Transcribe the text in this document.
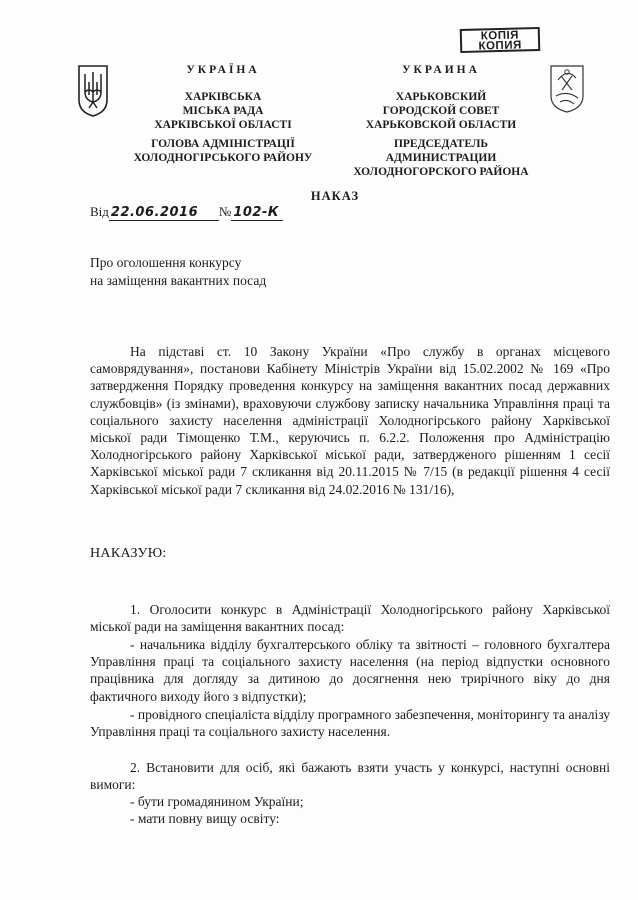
КОПІЯ
КОПИЯ
УКРАЇНА
ХАРКІВСЬКА
МІСЬКА РАДА
ХАРКІВСЬКОЇ ОБЛАСТІ
ГОЛОВА АДМІНІСТРАЦІЇ
ХОЛОДНОГІРСЬКОГО РАЙОНУ
УКРАИНА
ХАРЬКОВСКИЙ
ГОРОДСКОЙ СОВЕТ
ХАРЬКОВСКОЙ ОБЛАСТИ
ПРЕДСЕДАТЕЛЬ АДМИНИСТРАЦИИ
ХОЛОДНОГОРСКОГО РАЙОНА
НАКАЗ
Від 22.06.2016 № 102-К
Про оголошення конкурсу
на заміщення вакантних посад
На підставі ст. 10 Закону України «Про службу в органах місцевого самоврядування», постанови Кабінету Міністрів України від 15.02.2002 № 169 «Про затвердження Порядку проведення конкурсу на заміщення вакантних посад державних службовців» (із змінами), враховуючи службову записку начальника Управління праці та соціального захисту населення адміністрації Холодногірського району Харківської міської ради Тімощенко Т.М., керуючись п. 6.2.2. Положення про Адміністрацію Холодногірського району Харківської міської ради, затвердженого рішенням 1 сесії Харківської міської ради 7 скликання від 20.11.2015 № 7/15 (в редакції рішення 4 сесії Харківської міської ради 7 скликання від 24.02.2016 № 131/16),
НАКАЗУЮ:
1. Оголосити конкурс в Адміністрації Холодногірського району Харківської міської ради на заміщення вакантних посад:
- начальника відділу бухгалтерського обліку та звітності – головного бухгалтера Управління праці та соціального захисту населення (на період відпустки основного працівника для догляду за дитиною до досягнення нею трирічного віку до дня фактичного виходу його з відпустки);
- провідного спеціаліста відділу програмного забезпечення, моніторингу та аналізу Управління праці та соціального захисту населення.
2. Встановити для осіб, які бажають взяти участь у конкурсі, наступні основні вимоги:
- бути громадянином України;
- мати повну вищу освіту:
